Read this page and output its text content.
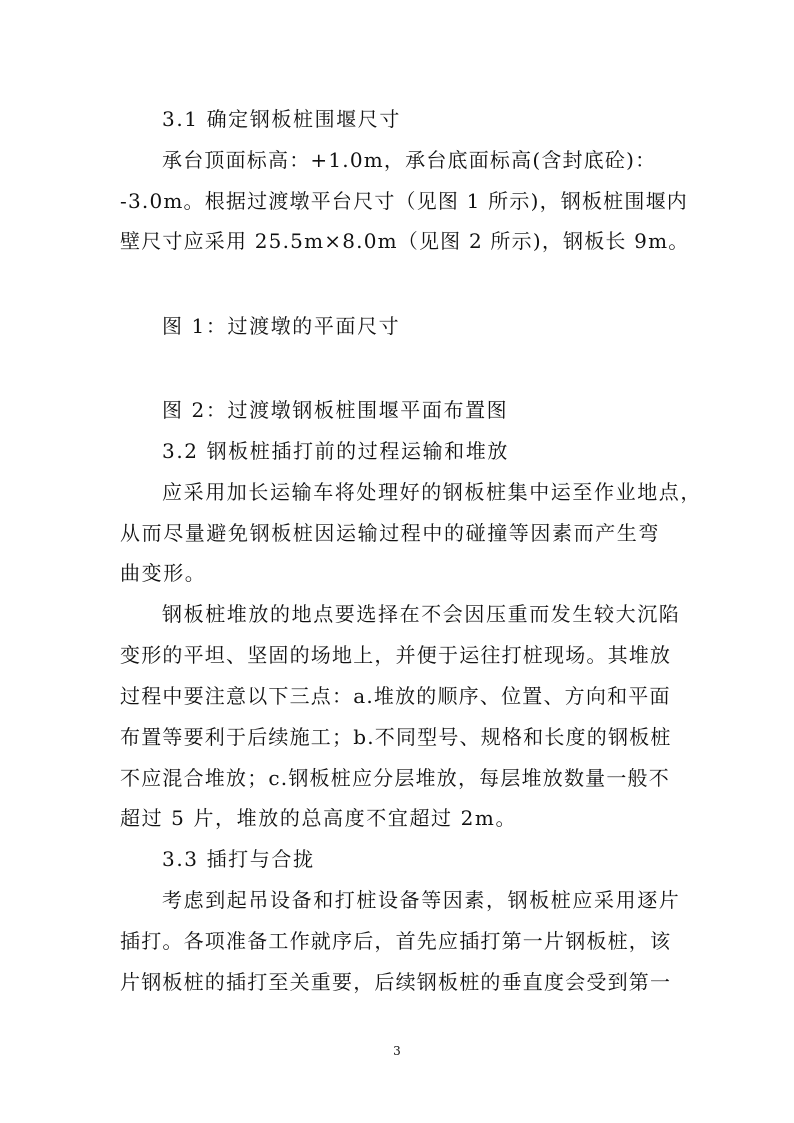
3.1 确定钢板桩围堰尺寸
承台顶面标高：+1.0m，承台底面标高(含封底砼)：
-3.0m。根据过渡墩平台尺寸（见图 1 所示)，钢板桩围堰内
壁尺寸应采用 25.5m×8.0m（见图 2 所示)，钢板长 9m。
图 1：过渡墩的平面尺寸
图 2：过渡墩钢板桩围堰平面布置图
3.2 钢板桩插打前的过程运输和堆放
应采用加长运输车将处理好的钢板桩集中运至作业地点，
从而尽量避免钢板桩因运输过程中的碰撞等因素而产生弯
曲变形。
钢板桩堆放的地点要选择在不会因压重而发生较大沉陷
变形的平坦、坚固的场地上，并便于运往打桩现场。其堆放
过程中要注意以下三点：a.堆放的顺序、位置、方向和平面
布置等要利于后续施工；b.不同型号、规格和长度的钢板桩
不应混合堆放；c.钢板桩应分层堆放，每层堆放数量一般不
超过 5 片，堆放的总高度不宜超过 2m。
3.3 插打与合拢
考虑到起吊设备和打桩设备等因素，钢板桩应采用逐片
插打。各项准备工作就序后，首先应插打第一片钢板桩，该
片钢板桩的插打至关重要，后续钢板桩的垂直度会受到第一
3
